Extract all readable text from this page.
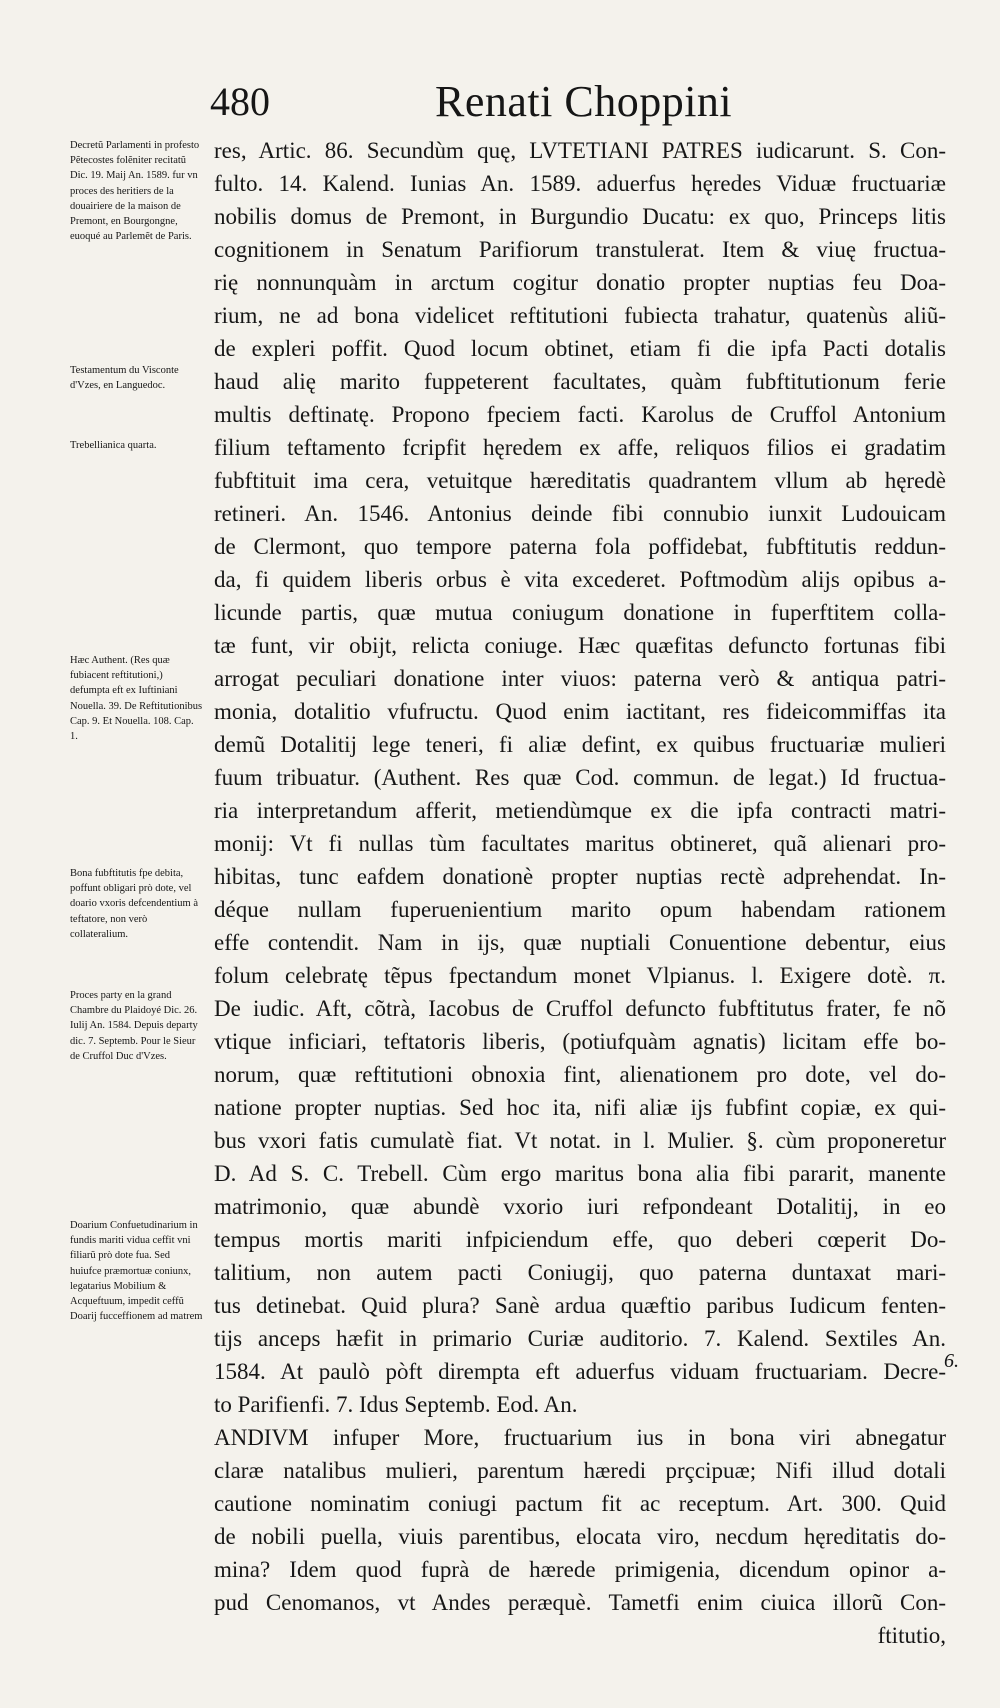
480	Renati Choppini
Decretũ Parlamenti in profesto Pẽtecostes folẽniter recitatũ Dic. 19. Maij An. 1589. fur vn proces des heritiers de la douairiere de la maison de Premont, en Bourgongne, euoqué au Parlemẽt de Paris.
Testamentum du Visconte d'Vzes, en Languedoc.
Trebellianica quarta.
Hæc Authent. (Res quæ fubiacent reftitutioni,) defumpta eft ex Iuftiniani Nouella. 39. De Reftitutionibus Cap. 9. Et Nouella. 108. Cap. 1.
Bona fubftitutis fpe debita, poffunt obligari prò dote, vel doario vxoris defcendentium à teftatore, non verò collateralium.
Proces party en la grand Chambre du Plaidoyé Dic. 26. Iulij An. 1584. Depuis departy dic. 7. Septemb. Pour le Sieur de Cruffol Duc d'Vzes.
Doarium Confuetudinarium in fundis mariti vidua ceffit vni filiarũ prò dote fua. Sed huiufce præmortuæ coniunx, legatarius Mobilium & Acqueftuum, impedit ceffũ Doarij fucceffionem ad matrem
res, Artic. 86. Secundùm quę, LVTETIANI PATRES iudicarunt. S. Con-
fulto. 14. Kalend. Iunias An. 1589. aduerfus hęredes Viduæ fructuariæ
nobilis domus de Premont, in Burgundio Ducatu: ex quo, Princeps litis
cognitionem in Senatum Parifiorum transtulerat. Item & viuę fructua-
rię nonnunquàm in arctum cogitur donatio propter nuptias feu Doa-
rium, ne ad bona videlicet reftitutioni fubiecta trahatur, quatenùs aliũ-
de expleri poffit. Quod locum obtinet, etiam fi die ipfa Pacti dotalis
haud alię marito fuppeterent facultates, quàm fubftitutionum ferie
multis deftinatę. Propono fpeciem facti. Karolus de Cruffol Antonium
filium teftamento fcripfit hęredem ex affe, reliquos filios ei gradatim
fubftituit ima cera, vetuitque hæreditatis quadrantem vllum ab hęredè
retineri. An. 1546. Antonius deinde fibi connubio iunxit Ludouicam
de Clermont, quo tempore paterna fola poffidebat, fubftitutis reddun-
da, fi quidem liberis orbus è vita excederet. Poftmodùm alijs opibus a-
licunde partis, quæ mutua coniugum donatione in fuperftitem colla-
tæ funt, vir obijt, relicta coniuge. Hæc quæfitas defuncto fortunas fibi
arrogat peculiari donatione inter viuos: paterna verò & antiqua patri-
monia, dotalitio vfufructu. Quod enim iactitant, res fideicommiffas ita
demũ Dotalitij lege teneri, fi aliæ defint, ex quibus fructuariæ mulieri
fuum tribuatur. (Authent. Res quæ Cod. commun. de legat.) Id fructua-
ria interpretandum afferit, metiendùmque ex die ipfa contracti matri-
monij: Vt fi nullas tùm facultates maritus obtineret, quã alienari pro-
hibitas, tunc eafdem donationè propter nuptias rectè adprehendat. In-
déque nullam fuperuenientium marito opum habendam rationem
effe contendit. Nam in ijs, quæ nuptiali Conuentione debentur, eius
folum celebratę tẽpus fpectandum monet Vlpianus. l. Exigere dotè. π.
De iudic. Aft, cõtrà, Iacobus de Cruffol defuncto fubftitutus frater, fe nõ
vtique inficiari, teftatoris liberis, (potiufquàm agnatis) licitam effe bo-
norum, quæ reftitutioni obnoxia fint, alienationem pro dote, vel do-
natione propter nuptias. Sed hoc ita, nifi aliæ ijs fubfint copiæ, ex qui-
bus vxori fatis cumulatè fiat. Vt notat. in l. Mulier. §. cùm proponeretur
D. Ad S. C. Trebell. Cùm ergo maritus bona alia fibi pararit, manente
matrimonio, quæ abundè vxorio iuri refpondeant Dotalitij, in eo
tempus mortis mariti infpiciendum effe, quo deberi cœperit Do-
talitium, non autem pacti Coniugij, quo paterna duntaxat mari-
tus detinebat. Quid plura? Sanè ardua quæftio paribus Iudicum fenten-
tijs anceps hæfit in primario Curiæ auditorio. 7. Kalend. Sextiles An.
1584. At paulò pòft dirempta eft aduerfus viduam fructuariam. Decre-
to Parifienfi. 7. Idus Septemb. Eod. An.
ANDIVM infuper More, fructuarium ius in bona viri abnegatur
claræ natalibus mulieri, parentum hæredi prçcipuæ; Nifi illud dotali
cautione nominatim coniugi pactum fit ac receptum. Art. 300. Quid
de nobili puella, viuis parentibus, elocata viro, necdum hęreditatis do-
mina? Idem quod fuprà de hærede primigenia, dicendum opinor a-
pud Cenomanos, vt Andes peræquè. Tametfi enim ciuica illorũ Con-
ftitutio,
6.
